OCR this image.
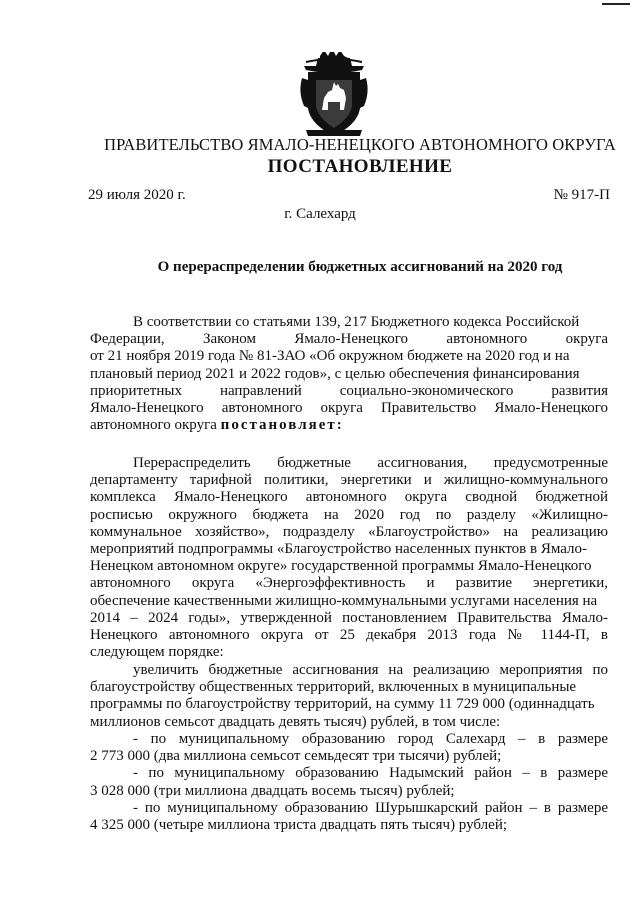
ПРАВИТЕЛЬСТВО ЯМАЛО-НЕНЕЦКОГО АВТОНОМНОГО ОКРУГА
ПОСТАНОВЛЕНИЕ
29 июля 2020 г.	№ 917-П
г. Салехард
О перераспределении бюджетных ассигнований на 2020 год
В соответствии со статьями 139, 217 Бюджетного кодекса Российской
Федерации, Законом Ямало-Ненецкого автономного округа
от 21 ноября 2019 года № 81-ЗАО «Об окружном бюджете на 2020 год и на
плановый период 2021 и 2022 годов», с целью обеспечения финансирования
приоритетных направлений социально-экономического развития
Ямало-Ненецкого автономного округа Правительство Ямало-Ненецкого
автономного округа постановляет:
Перераспределить бюджетные ассигнования, предусмотренные
департаменту тарифной политики, энергетики и жилищно-коммунального
комплекса Ямало-Ненецкого автономного округа сводной бюджетной
росписью окружного бюджета на 2020 год по разделу «Жилищно-
коммунальное хозяйство», подразделу «Благоустройство» на реализацию
мероприятий подпрограммы «Благоустройство населенных пунктов в Ямало-
Ненецком автономном округе» государственной программы Ямало-Ненецкого
автономного округа «Энергоэффективность и развитие энергетики,
обеспечение качественными жилищно-коммунальными услугами населения на
2014 – 2024 годы», утвержденной постановлением Правительства Ямало-
Ненецкого автономного округа от 25 декабря 2013 года № 1144-П, в
следующем порядке:
увеличить бюджетные ассигнования на реализацию мероприятия по
благоустройству общественных территорий, включенных в муниципальные
программы по благоустройству территорий, на сумму 11 729 000 (одиннадцать
миллионов семьсот двадцать девять тысяч) рублей, в том числе:
- по муниципальному образованию город Салехард – в размере
2 773 000 (два миллиона семьсот семьдесят три тысячи) рублей;
- по муниципальному образованию Надымский район – в размере
3 028 000 (три миллиона двадцать восемь тысяч) рублей;
- по муниципальному образованию Шурышкарский район – в размере
4 325 000 (четыре миллиона триста двадцать пять тысяч) рублей;
